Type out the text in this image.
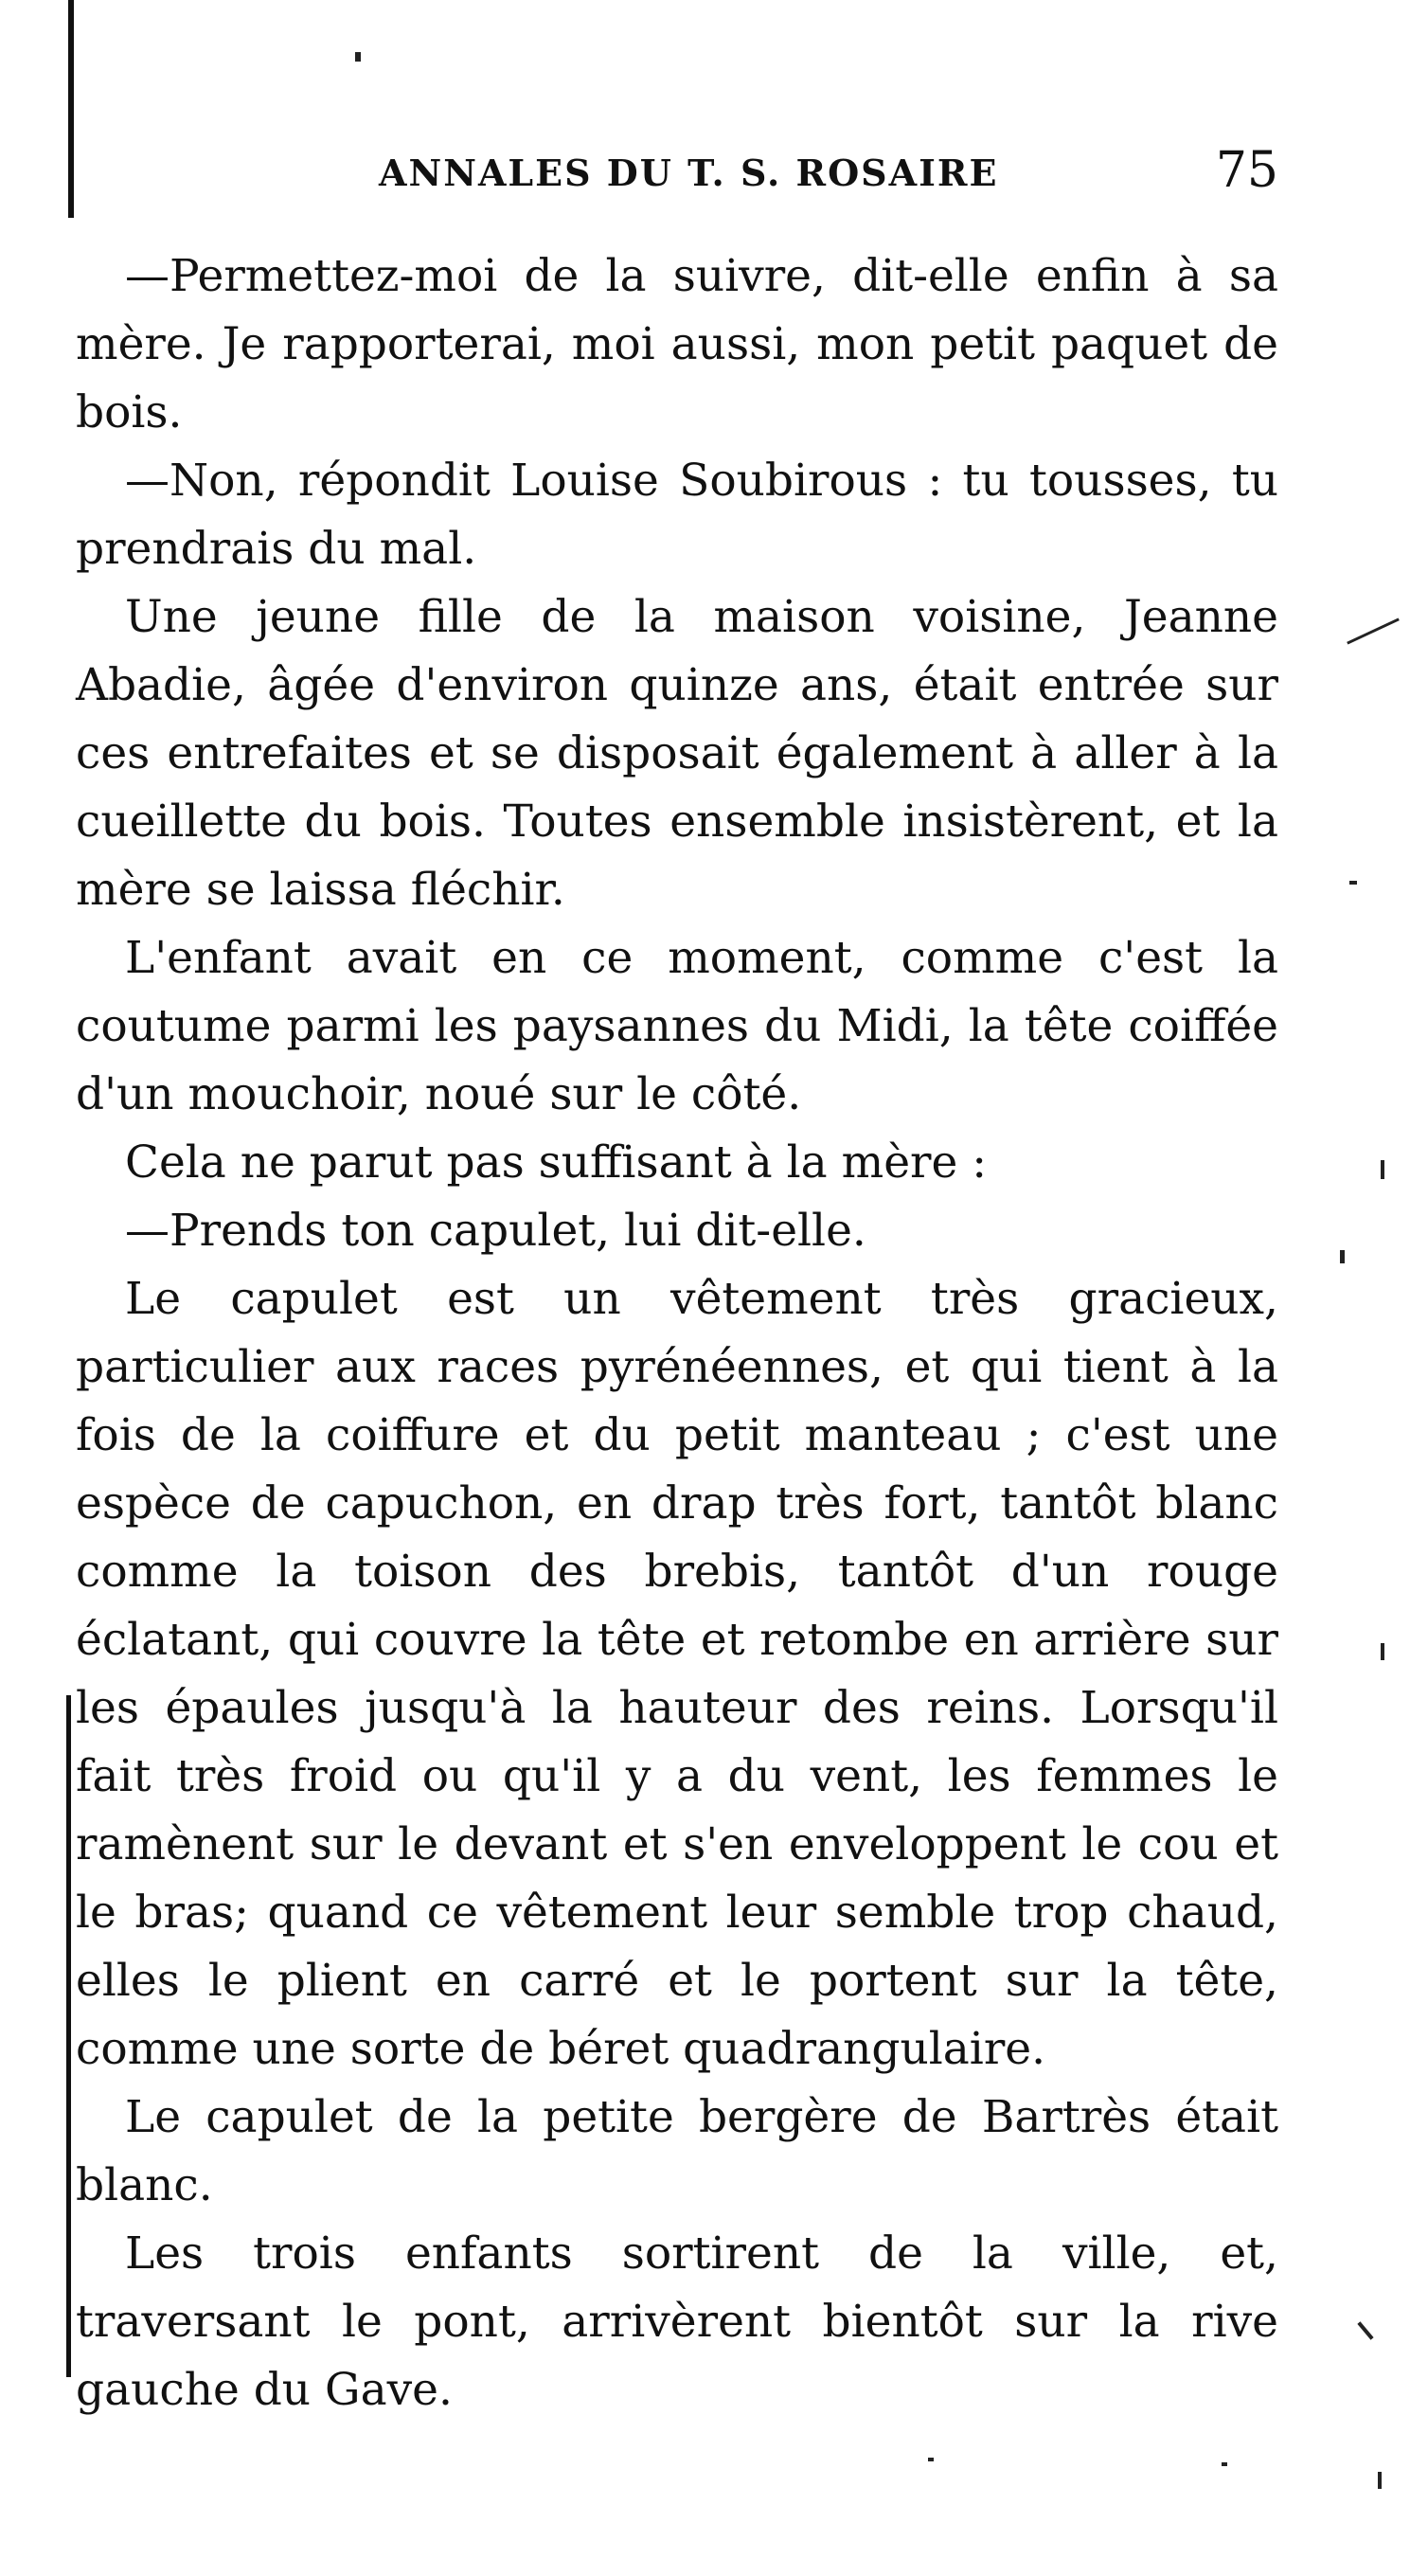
ANNALES DU T. S. ROSAIRE	75

—Permettez-moi de la suivre, dit-elle enfin à sa mère. Je rapporterai, moi aussi, mon petit paquet de bois.

—Non, répondit Louise Soubirous : tu tousses, tu prendrais du mal.

Une jeune fille de la maison voisine, Jeanne Abadie, âgée d'environ quinze ans, était entrée sur ces entrefaites et se disposait également à aller à la cueillette du bois. Toutes ensemble insistèrent, et la mère se laissa fléchir.

L'enfant avait en ce moment, comme c'est la coutume parmi les paysannes du Midi, la tête coiffée d'un mouchoir, noué sur le côté.

Cela ne parut pas suffisant à la mère :

—Prends ton capulet, lui dit-elle.

Le capulet est un vêtement très gracieux, particulier aux races pyrénéennes, et qui tient à la fois de la coiffure et du petit manteau ; c'est une espèce de capuchon, en drap très fort, tantôt blanc comme la toison des brebis, tantôt d'un rouge éclatant, qui couvre la tête et retombe en arrière sur les épaules jusqu'à la hauteur des reins. Lorsqu'il fait très froid ou qu'il y a du vent, les femmes le ramènent sur le devant et s'en enveloppent le cou et le bras; quand ce vêtement leur semble trop chaud, elles le plient en carré et le portent sur la tête, comme une sorte de béret quadrangulaire.

Le capulet de la petite bergère de Bartrès était blanc.

Les trois enfants sortirent de la ville, et, traversant le pont, arrivèrent bientôt sur la rive gauche du Gave.
